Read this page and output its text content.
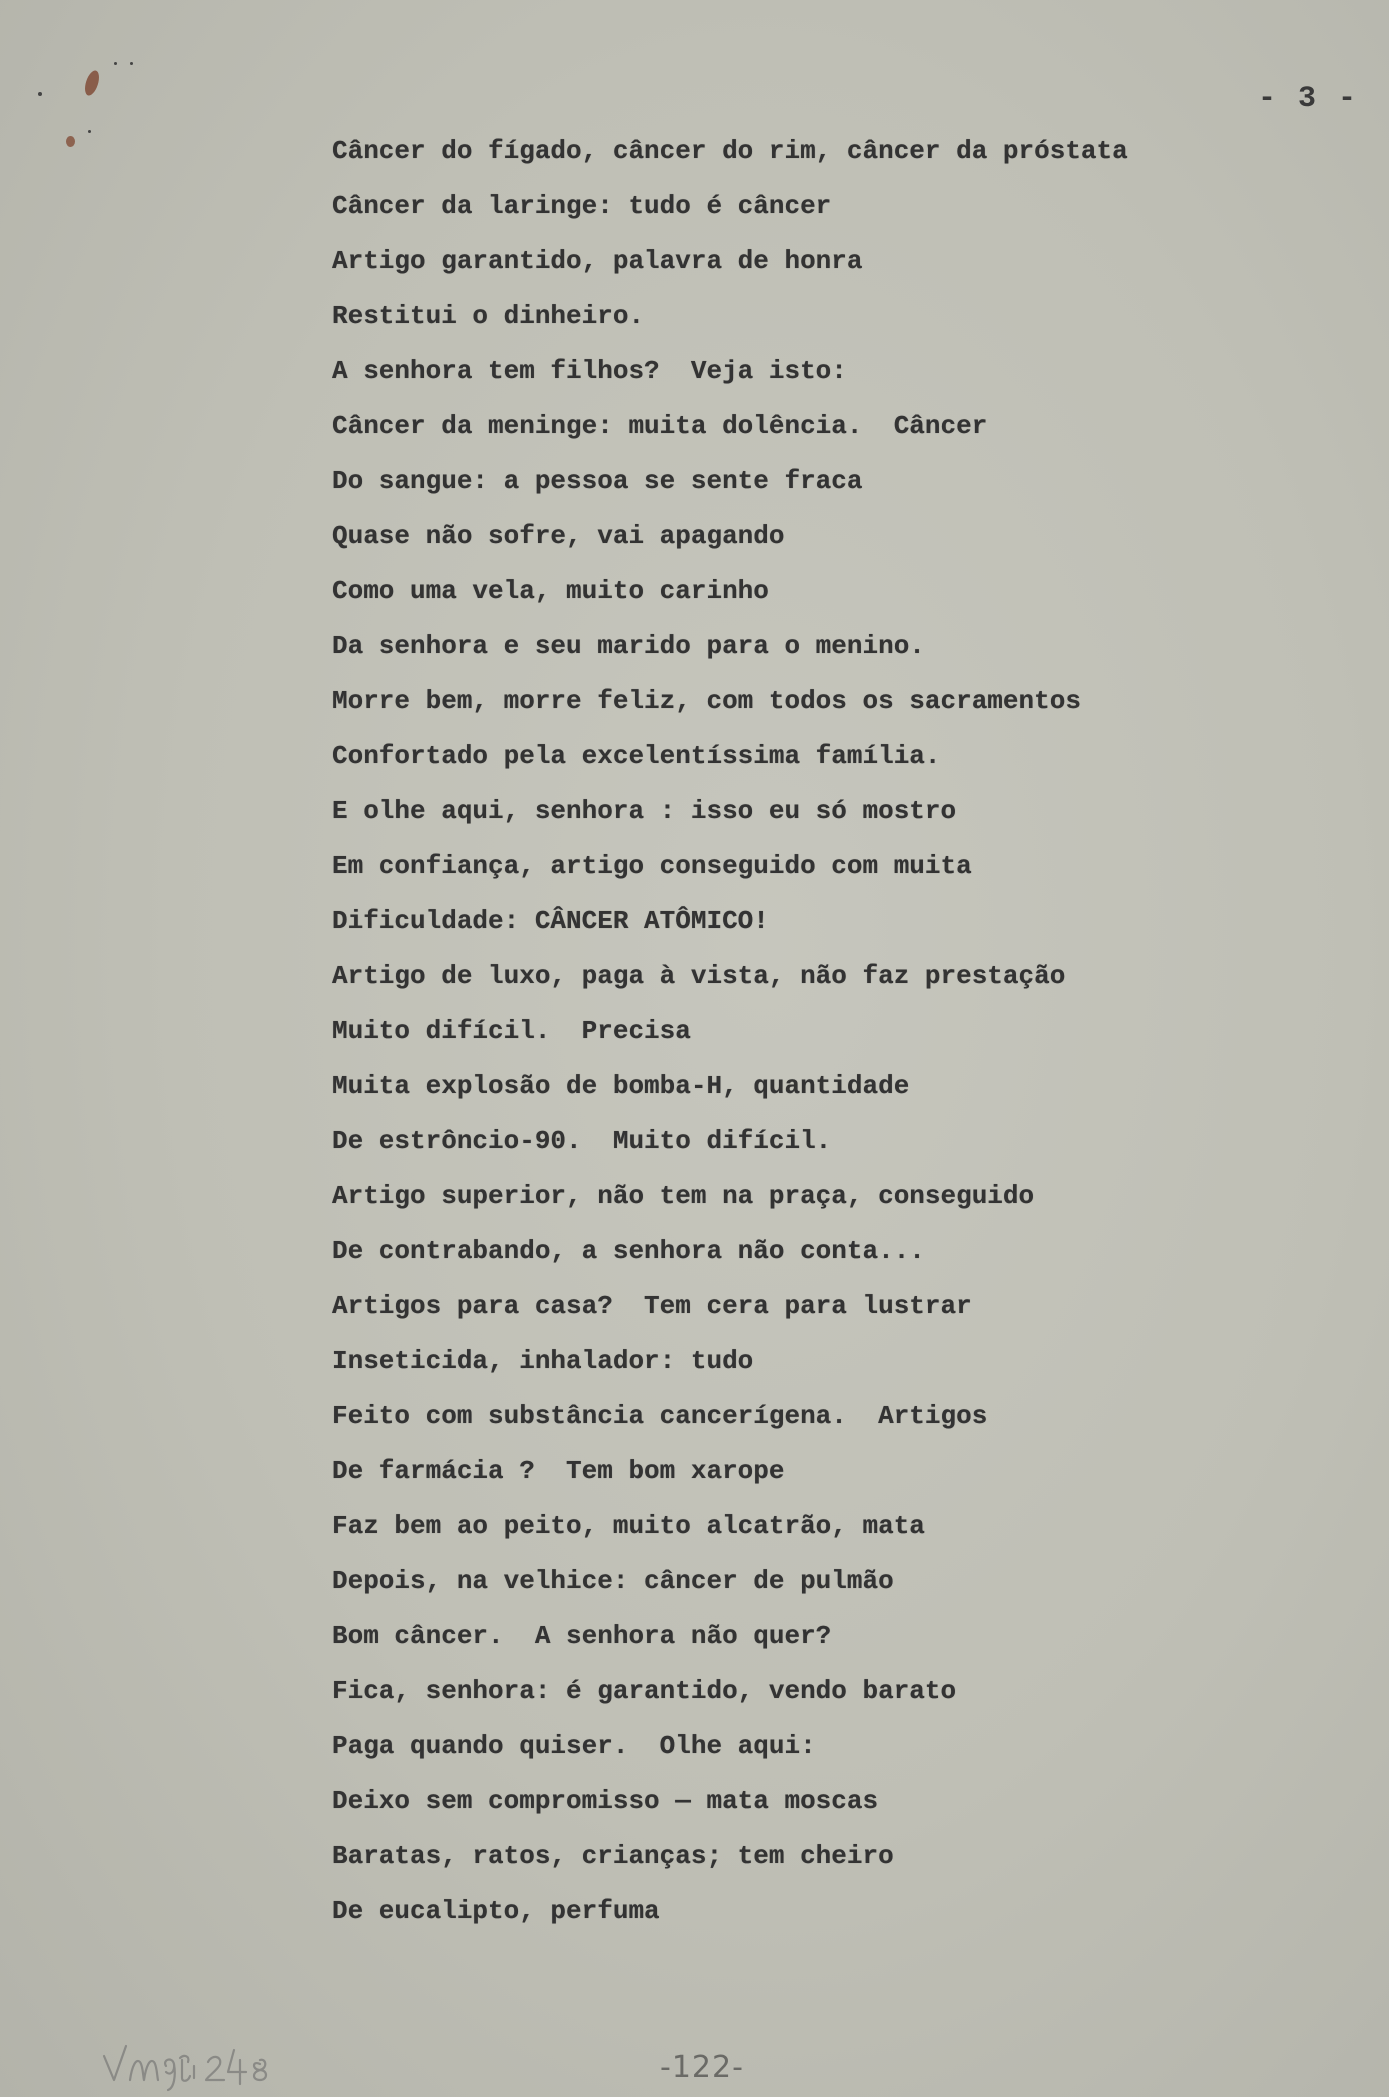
- 3 -
Câncer do fígado, câncer do rim, câncer da próstata
Câncer da laringe: tudo é câncer
Artigo garantido, palavra de honra
Restitui o dinheiro.
A senhora tem filhos?  Veja isto:
Câncer da meninge: muita dolência.  Câncer
Do sangue: a pessoa se sente fraca
Quase não sofre, vai apagando
Como uma vela, muito carinho
Da senhora e seu marido para o menino.
Morre bem, morre feliz, com todos os sacramentos
Confortado pela excelentíssima família.
E olhe aqui, senhora : isso eu só mostro
Em confiança, artigo conseguido com muita
Dificuldade: CÂNCER ATÔMICO!
Artigo de luxo, paga à vista, não faz prestação
Muito difícil.  Precisa
Muita explosão de bomba-H, quantidade
De estrôncio-90.  Muito difícil.
Artigo superior, não tem na praça, conseguido
De contrabando, a senhora não conta...
Artigos para casa?  Tem cera para lustrar
Inseticida, inhalador: tudo
Feito com substância cancerígena.  Artigos
De farmácia ?  Tem bom xarope
Faz bem ao peito, muito alcatrão, mata
Depois, na velhice: câncer de pulmão
Bom câncer.  A senhora não quer?
Fica, senhora: é garantido, vendo barato
Paga quando quiser.  Olhe aqui:
Deixo sem compromisso — mata moscas
Baratas, ratos, crianças; tem cheiro
De eucalipto, perfuma
-122-
